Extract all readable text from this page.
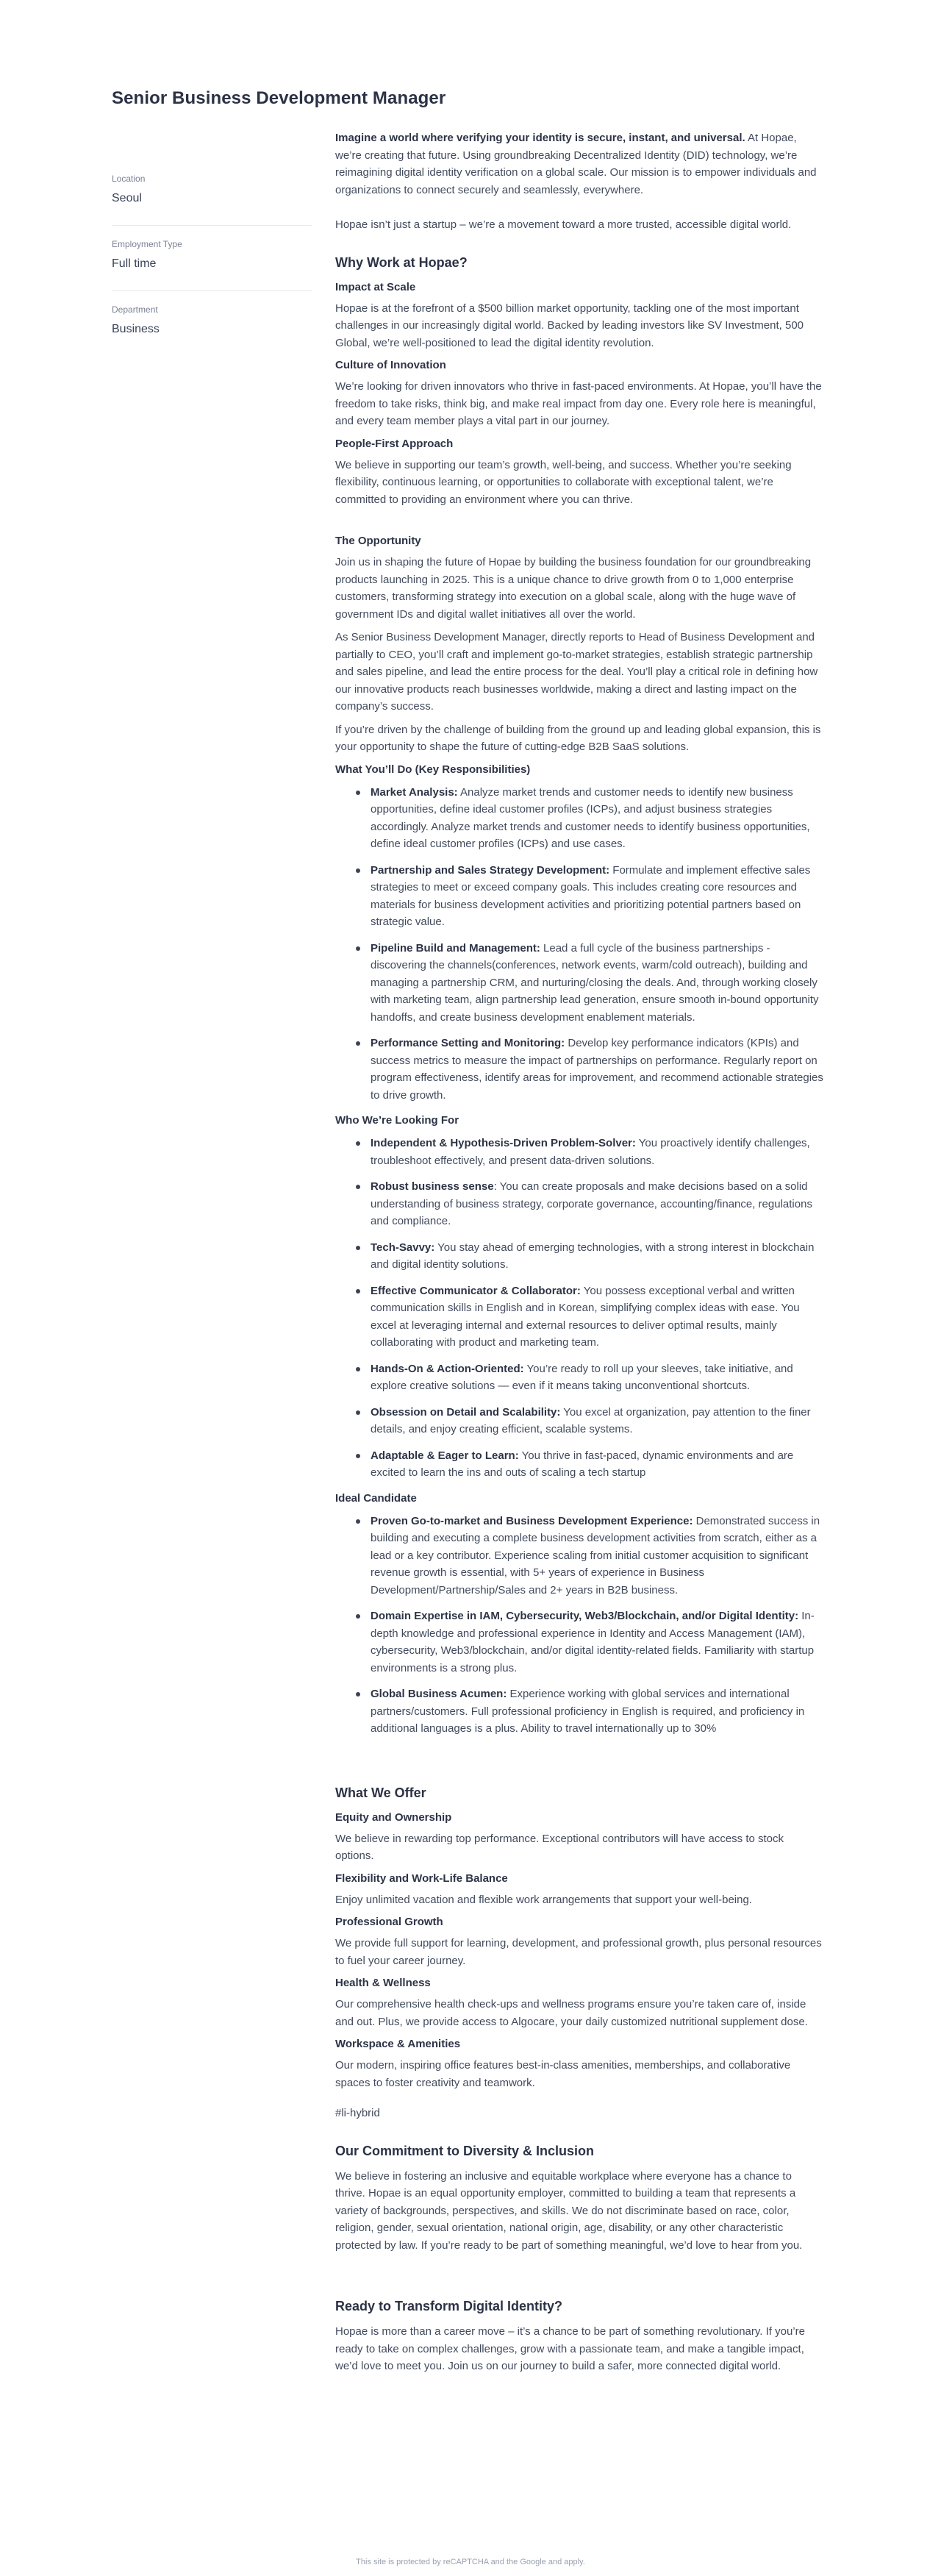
Senior Business Development Manager
Location
Seoul
Employment Type
Full time
Department
Business

Imagine a world where verifying your identity is secure, instant, and universal. At Hopae, we’re creating that future. Using groundbreaking Decentralized Identity (DID) technology, we’re reimagining digital identity verification on a global scale. Our mission is to empower individuals and organizations to connect securely and seamlessly, everywhere.

Hopae isn’t just a startup – we’re a movement toward a more trusted, accessible digital world.

Why Work at Hopae?
Impact at Scale

Hopae is at the forefront of a $500 billion market opportunity, tackling one of the most important challenges in our increasingly digital world. Backed by leading investors like SV Investment, 500 Global, we’re well-positioned to lead the digital identity revolution.

Culture of Innovation

We’re looking for driven innovators who thrive in fast-paced environments. At Hopae, you’ll have the freedom to take risks, think big, and make real impact from day one. Every role here is meaningful, and every team member plays a vital part in our journey.

People-First Approach

We believe in supporting our team’s growth, well-being, and success. Whether you’re seeking flexibility, continuous learning, or opportunities to collaborate with exceptional talent, we’re committed to providing an environment where you can thrive.

The Opportunity

Join us in shaping the future of Hopae by building the business foundation for our groundbreaking products launching in 2025. This is a unique chance to drive growth from 0 to 1,000 enterprise customers, transforming strategy into execution on a global scale, along with the huge wave of government IDs and digital wallet initiatives all over the world.

As Senior Business Development Manager, directly reports to Head of Business Development and partially to CEO, you’ll craft and implement go-to-market strategies, establish strategic partnership and sales pipeline, and lead the entire process for the deal. You’ll play a critical role in defining how our innovative products reach businesses worldwide, making a direct and lasting impact on the company’s success.

If you’re driven by the challenge of building from the ground up and leading global expansion, this is your opportunity to shape the future of cutting-edge B2B SaaS solutions.

What You’ll Do (Key Responsibilities)
Market Analysis: Analyze market trends and customer needs to identify new business opportunities, define ideal customer profiles (ICPs), and adjust business strategies accordingly. Analyze market trends and customer needs to identify business opportunities, define ideal customer profiles (ICPs) and use cases.
Partnership and Sales Strategy Development: Formulate and implement effective sales strategies to meet or exceed company goals. This includes creating core resources and materials for business development activities and prioritizing potential partners based on strategic value.
Pipeline Build and Management: Lead a full cycle of the business partnerships - discovering the channels(conferences, network events, warm/cold outreach), building and managing a partnership CRM, and nurturing/closing the deals. And, through working closely with marketing team, align partnership lead generation, ensure smooth in-bound opportunity handoffs, and create business development enablement materials.
Performance Setting and Monitoring: Develop key performance indicators (KPIs) and success metrics to measure the impact of partnerships on performance. Regularly report on program effectiveness, identify areas for improvement, and recommend actionable strategies to drive growth.
Who We’re Looking For
Independent & Hypothesis-Driven Problem-Solver: You proactively identify challenges, troubleshoot effectively, and present data-driven solutions.
Robust business sense: You can create proposals and make decisions based on a solid understanding of business strategy, corporate governance, accounting/finance, regulations and compliance.
Tech-Savvy: You stay ahead of emerging technologies, with a strong interest in blockchain and digital identity solutions.
Effective Communicator & Collaborator: You possess exceptional verbal and written communication skills in English and in Korean, simplifying complex ideas with ease. You excel at leveraging internal and external resources to deliver optimal results, mainly collaborating with product and marketing team.
Hands-On & Action-Oriented: You’re ready to roll up your sleeves, take initiative, and explore creative solutions — even if it means taking unconventional shortcuts.
Obsession on Detail and Scalability: You excel at organization, pay attention to the finer details, and enjoy creating efficient, scalable systems.
Adaptable & Eager to Learn: You thrive in fast-paced, dynamic environments and are excited to learn the ins and outs of scaling a tech startup
Ideal Candidate
Proven Go-to-market and Business Development Experience: Demonstrated success in building and executing a complete business development activities from scratch, either as a lead or a key contributor. Experience scaling from initial customer acquisition to significant revenue growth is essential, with 5+ years of experience in Business Development/Partnership/Sales and 2+ years in B2B business.
Domain Expertise in IAM, Cybersecurity, Web3/Blockchain, and/or Digital Identity: In-depth knowledge and professional experience in Identity and Access Management (IAM), cybersecurity, Web3/blockchain, and/or digital identity-related fields. Familiarity with startup environments is a strong plus.
Global Business Acumen: Experience working with global services and international partners/customers. Full professional proficiency in English is required, and proficiency in additional languages is a plus. Ability to travel internationally up to 30%
What We Offer
Equity and Ownership

We believe in rewarding top performance. Exceptional contributors will have access to stock options.

Flexibility and Work-Life Balance

Enjoy unlimited vacation and flexible work arrangements that support your well-being.

Professional Growth

We provide full support for learning, development, and professional growth, plus personal resources to fuel your career journey.

Health & Wellness

Our comprehensive health check-ups and wellness programs ensure you’re taken care of, inside and out. Plus, we provide access to Algocare, your daily customized nutritional supplement dose.

Workspace & Amenities

Our modern, inspiring office features best-in-class amenities, memberships, and collaborative spaces to foster creativity and teamwork.

#li-hybrid

Our Commitment to Diversity & Inclusion

We believe in fostering an inclusive and equitable workplace where everyone has a chance to thrive. Hopae is an equal opportunity employer, committed to building a team that represents a variety of backgrounds, perspectives, and skills. We do not discriminate based on race, color, religion, gender, sexual orientation, national origin, age, disability, or any other characteristic protected by law. If you’re ready to be part of something meaningful, we’d love to hear from you.

Ready to Transform Digital Identity?

Hopae is more than a career move – it’s a chance to be part of something revolutionary. If you’re ready to take on complex challenges, grow with a passionate team, and make a tangible impact, we’d love to meet you. Join us on our journey to build a safer, more connected digital world.

This site is protected by reCAPTCHA and the Google and apply.
